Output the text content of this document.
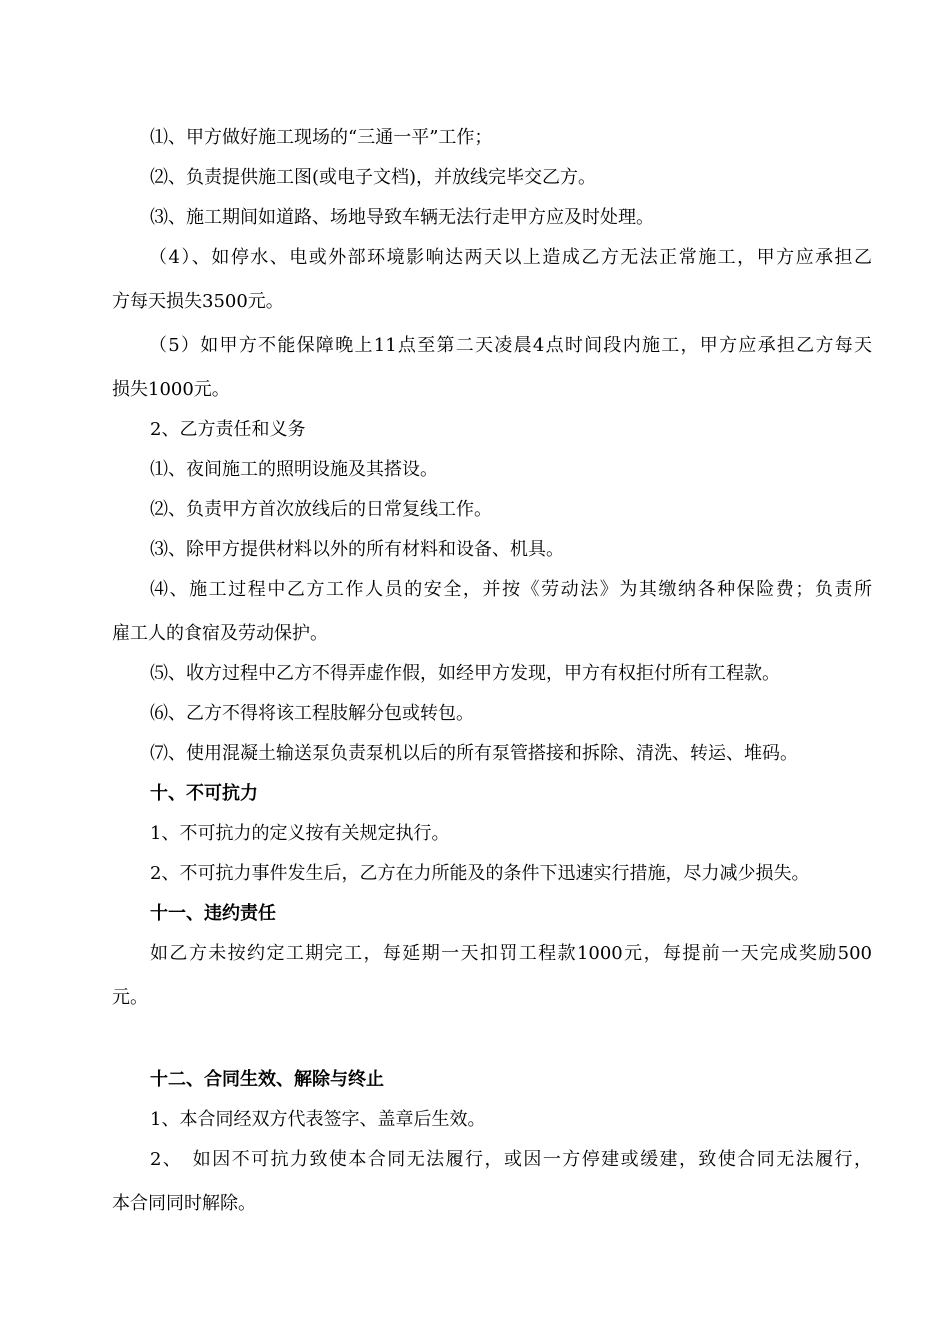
⑴、甲方做好施工现场的“三通一平”工作；
⑵、负责提供施工图(或电子文档)，并放线完毕交乙方。
⑶、施工期间如道路、场地导致车辆无法行走甲方应及时处理。
（4）、如停水、电或外部环境影响达两天以上造成乙方无法正常施工，甲方应承担乙
方每天损失3500元。
（5）如甲方不能保障晚上11点至第二天凌晨4点时间段内施工，甲方应承担乙方每天
损失1000元。
2、乙方责任和义务
⑴、夜间施工的照明设施及其搭设。
⑵、负责甲方首次放线后的日常复线工作。
⑶、除甲方提供材料以外的所有材料和设备、机具。
⑷、施工过程中乙方工作人员的安全，并按《劳动法》为其缴纳各种保险费；负责所
雇工人的食宿及劳动保护。
⑸、收方过程中乙方不得弄虚作假，如经甲方发现，甲方有权拒付所有工程款。
⑹、乙方不得将该工程肢解分包或转包。
⑺、使用混凝土输送泵负责泵机以后的所有泵管搭接和拆除、清洗、转运、堆码。
十、不可抗力
1、不可抗力的定义按有关规定执行。
2、不可抗力事件发生后，乙方在力所能及的条件下迅速实行措施，尽力减少损失。
十一、违约责任
如乙方未按约定工期完工，每延期一天扣罚工程款1000元，每提前一天完成奖励500
元。
十二、合同生效、解除与终止
1、本合同经双方代表签字、盖章后生效。
2、　如因不可抗力致使本合同无法履行，或因一方停建或缓建，致使合同无法履行，
本合同同时解除。
